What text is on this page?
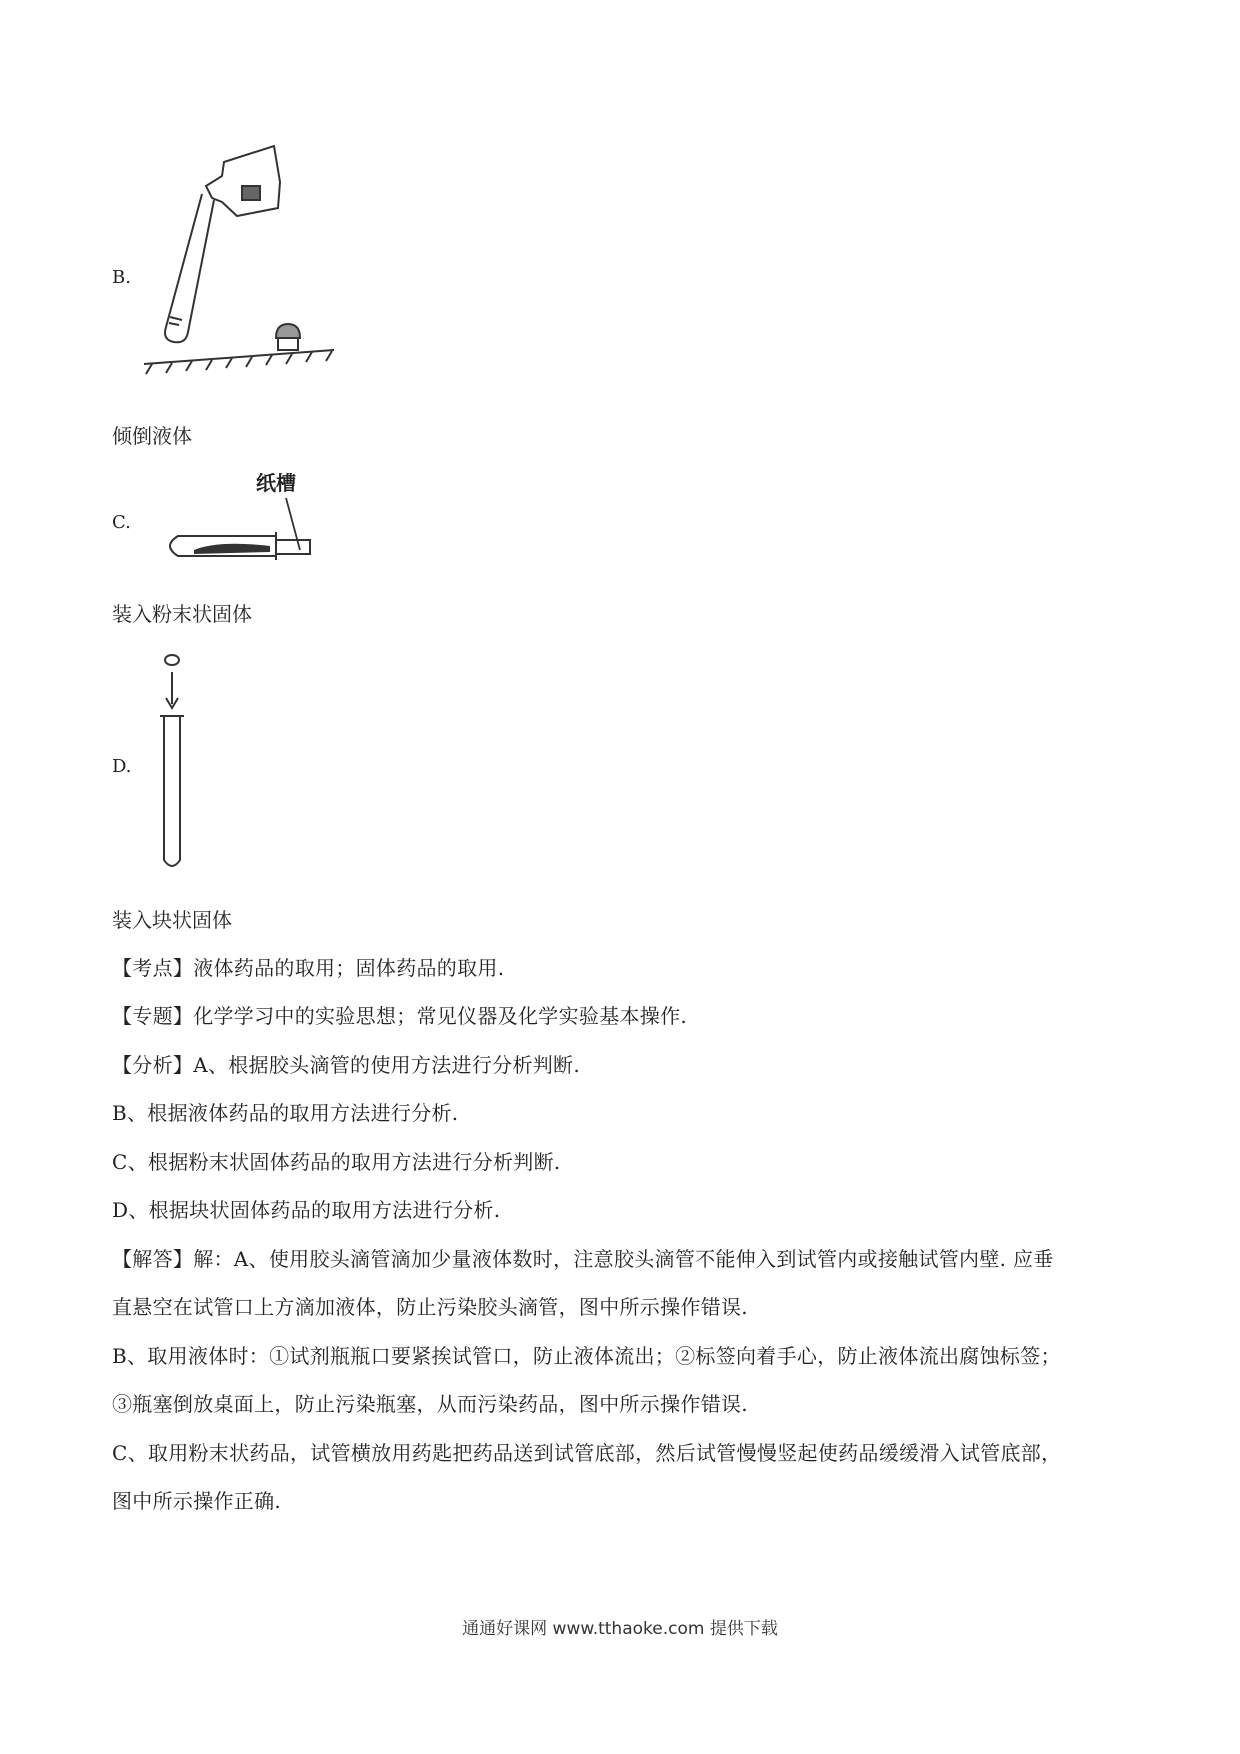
B.
倾倒液体
C.
纸槽
装入粉末状固体
D.
装入块状固体
【考点】液体药品的取用；固体药品的取用.
【专题】化学学习中的实验思想；常见仪器及化学实验基本操作.
【分析】A、根据胶头滴管的使用方法进行分析判断.
B、根据液体药品的取用方法进行分析.
C、根据粉末状固体药品的取用方法进行分析判断.
D、根据块状固体药品的取用方法进行分析.
【解答】解：A、使用胶头滴管滴加少量液体数时，注意胶头滴管不能伸入到试管内或接触试管内壁. 应垂
直悬空在试管口上方滴加液体，防止污染胶头滴管，图中所示操作错误.
B、取用液体时：①试剂瓶瓶口要紧挨试管口，防止液体流出；②标签向着手心，防止液体流出腐蚀标签；
③瓶塞倒放桌面上，防止污染瓶塞，从而污染药品，图中所示操作错误.
C、取用粉末状药品，试管横放用药匙把药品送到试管底部，然后试管慢慢竖起使药品缓缓滑入试管底部，
图中所示操作正确.
通通好课网 www.tthaoke.com 提供下载
